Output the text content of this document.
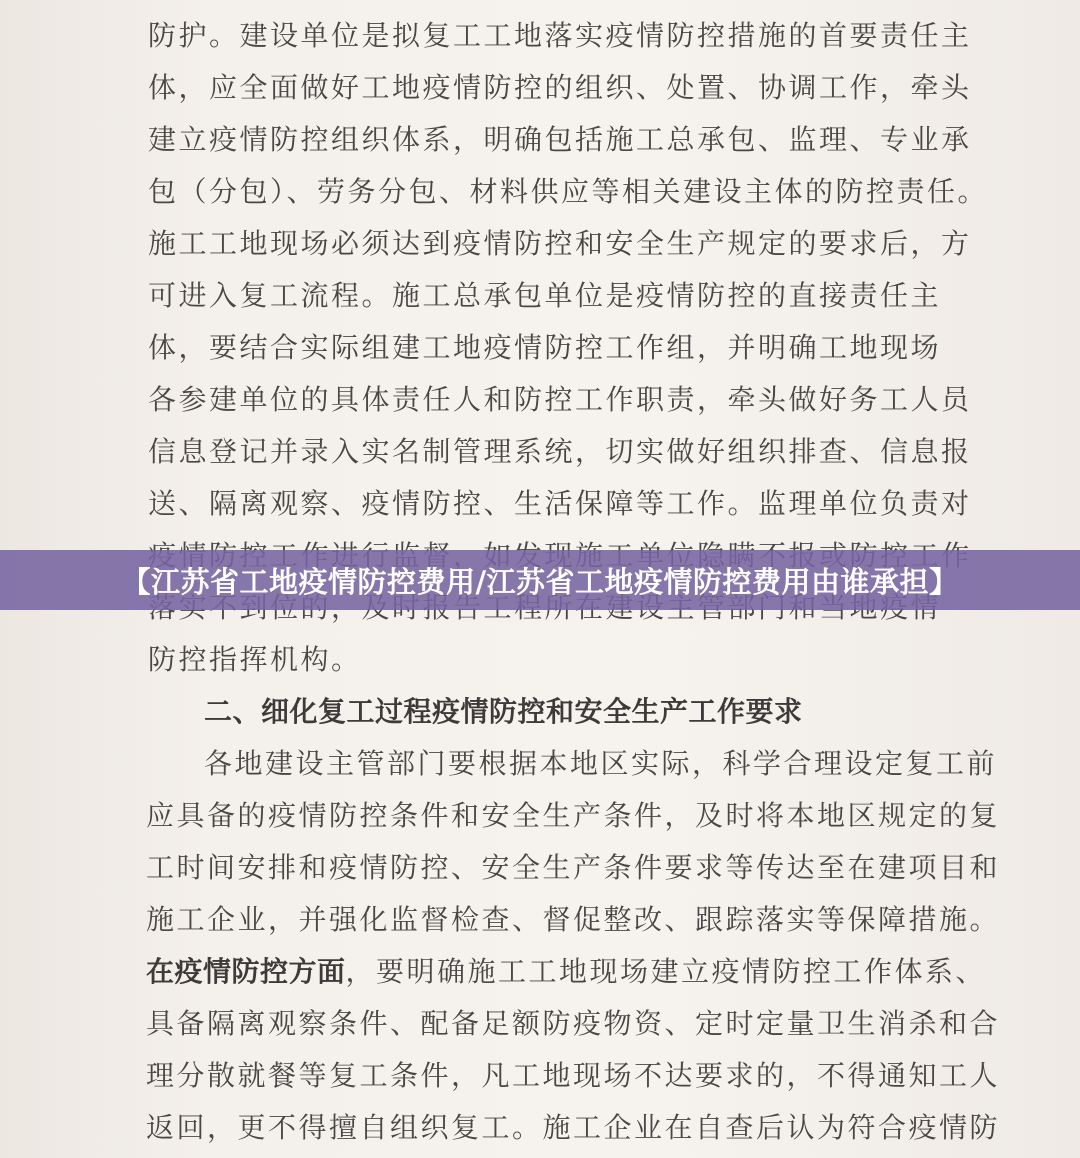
防护。建设单位是拟复工工地落实疫情防控措施的首要责任主
体，应全面做好工地疫情防控的组织、处置、协调工作，牵头
建立疫情防控组织体系，明确包括施工总承包、监理、专业承
包（分包）、劳务分包、材料供应等相关建设主体的防控责任。
施工工地现场必须达到疫情防控和安全生产规定的要求后，方
可进入复工流程。施工总承包单位是疫情防控的直接责任主
体，要结合实际组建工地疫情防控工作组，并明确工地现场
各参建单位的具体责任人和防控工作职责，牵头做好务工人员
信息登记并录入实名制管理系统，切实做好组织排查、信息报
送、隔离观察、疫情防控、生活保障等工作。监理单位负责对
防控指挥机构。
二、细化复工过程疫情防控和安全生产工作要求
各地建设主管部门要根据本地区实际，科学合理设定复工前
应具备的疫情防控条件和安全生产条件，及时将本地区规定的复
工时间安排和疫情防控、安全生产条件要求等传达至在建项目和
施工企业，并强化监督检查、督促整改、跟踪落实等保障措施。
在疫情防控方面，要明确施工工地现场建立疫情防控工作体系、
具备隔离观察条件、配备足额防疫物资、定时定量卫生消杀和合
理分散就餐等复工条件，凡工地现场不达要求的，不得通知工人
返回，更不得擅自组织复工。施工企业在自查后认为符合疫情防
【江苏省工地疫情防控费用/江苏省工地疫情防控费用由谁承担】
